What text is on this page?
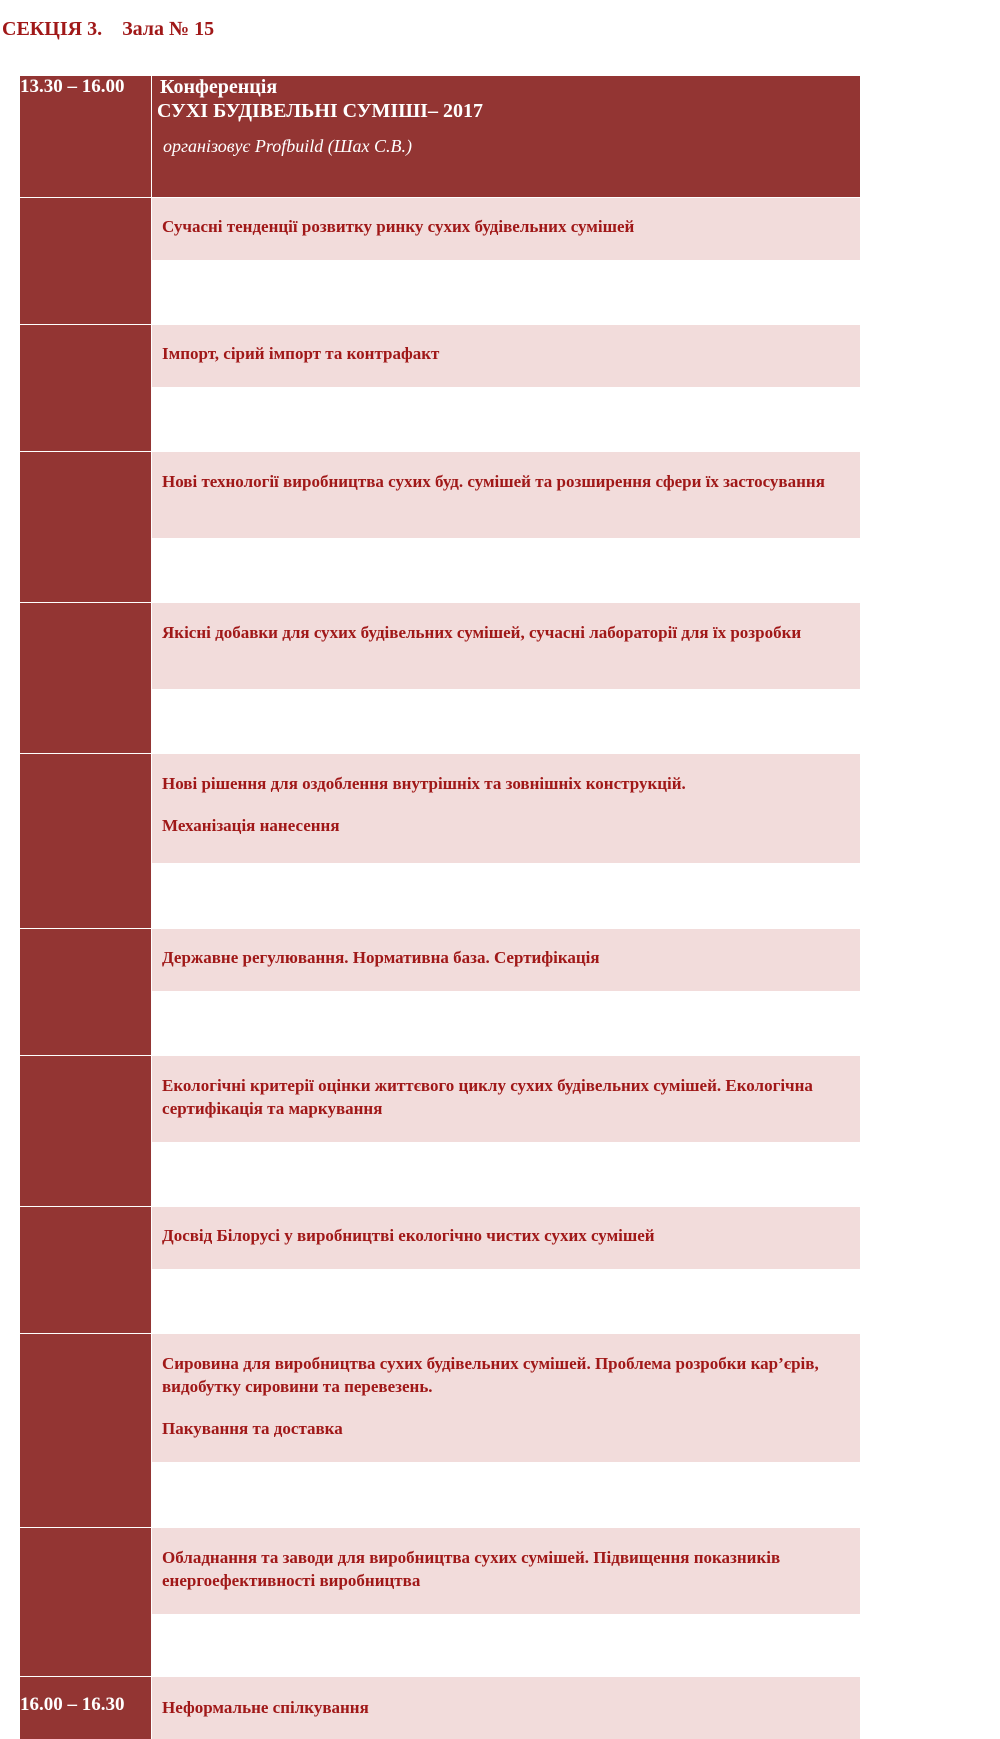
СЕКЦІЯ 3.    Зала № 15
13.30 – 16.00	Конференція
СУХІ БУДІВЕЛЬНІ СУМІШІ– 2017
організовує Profbuild (Шах С.В.)

Сучасні тенденції розвитку ринку сухих будівельних сумішей

Імпорт, сірий імпорт та контрафакт

Нові технології виробництва сухих буд. сумішей та розширення сфери їх застосування

Якісні добавки для сухих будівельних сумішей, сучасні лабораторії для їх розробки

Нові рішення для оздоблення внутрішніх та зовнішніх конструкцій.

Механізація нанесення

Державне регулювання. Нормативна база. Сертифікація

Екологічні критерії оцінки життєвого циклу сухих будівельних сумішей. Екологічна сертифікація та маркування

Досвід Білорусі у виробництві екологічно чистих сухих сумішей

Сировина для виробництва сухих будівельних сумішей. Проблема розробки кар’єрів, видобутку сировини та перевезень.

Пакування та доставка

Обладнання та заводи для виробництва сухих сумішей. Підвищення показників енергоефективності виробництва

16.00 – 16.30	Неформальне спілкування
